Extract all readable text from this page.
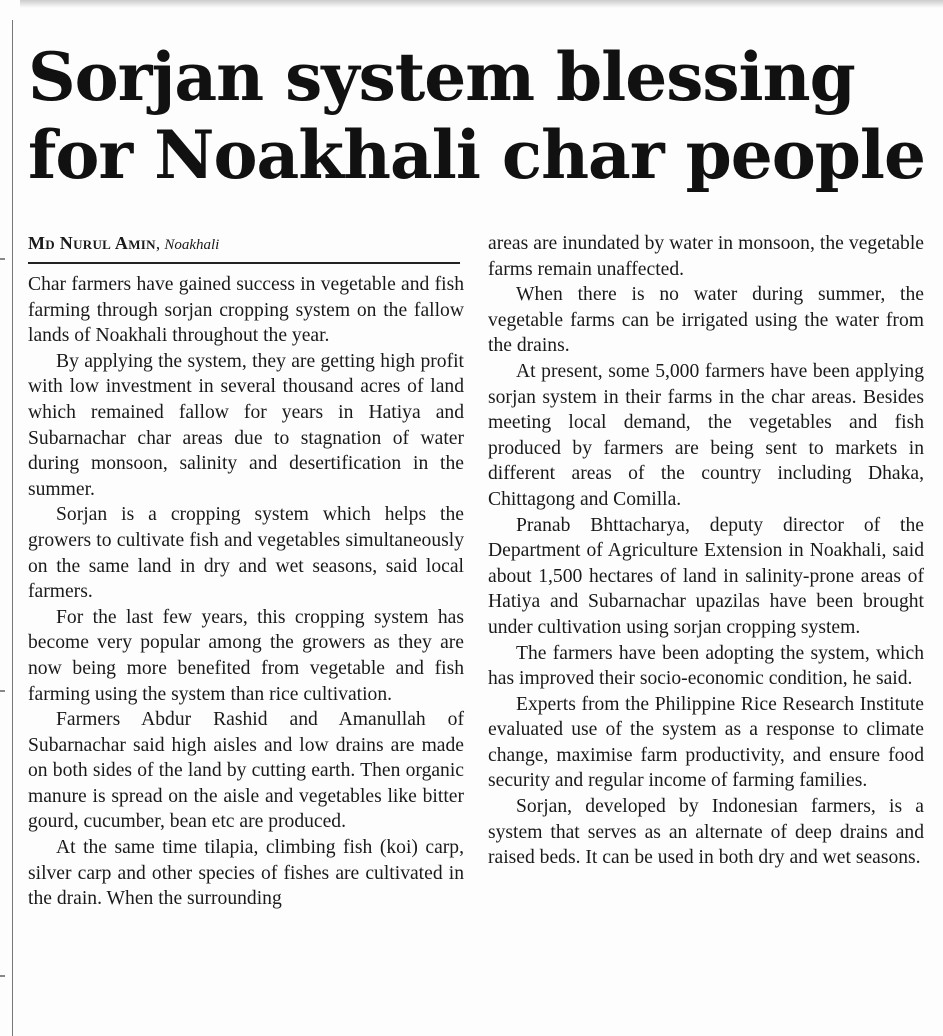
Sorjan system blessing for Noakhali char people
Md Nurul Amin, Noakhali

Char farmers have gained success in vegetable and fish farming through sorjan cropping system on the fallow lands of Noakhali throughout the year.

By applying the system, they are getting high profit with low investment in several thousand acres of land which remained fallow for years in Hatiya and Subarnachar char areas due to stagnation of water during monsoon, salinity and desertification in the summer.

Sorjan is a cropping system which helps the growers to cultivate fish and vegetables simultaneously on the same land in dry and wet seasons, said local farmers.

For the last few years, this cropping system has become very popular among the growers as they are now being more benefited from vegetable and fish farming using the system than rice cultivation.

Farmers Abdur Rashid and Amanullah of Subarnachar said high aisles and low drains are made on both sides of the land by cutting earth. Then organic manure is spread on the aisle and vegetables like bitter gourd, cucumber, bean etc are produced.

At the same time tilapia, climbing fish (koi) carp, silver carp and other species of fishes are cultivated in the drain. When the surrounding

areas are inundated by water in monsoon, the vegetable farms remain unaffected.

When there is no water during summer, the vegetable farms can be irrigated using the water from the drains.

At present, some 5,000 farmers have been applying sorjan system in their farms in the char areas. Besides meeting local demand, the vegetables and fish produced by farmers are being sent to markets in different areas of the country including Dhaka, Chittagong and Comilla.

Pranab Bhttacharya, deputy director of the Department of Agriculture Extension in Noakhali, said about 1,500 hectares of land in salinity-prone areas of Hatiya and Subarnachar upazilas have been brought under cultivation using sorjan cropping system.

The farmers have been adopting the system, which has improved their socio-economic condition, he said.

Experts from the Philippine Rice Research Institute evaluated use of the system as a response to climate change, maximise farm productivity, and ensure food security and regular income of farming families.

Sorjan, developed by Indonesian farmers, is a system that serves as an alternate of deep drains and raised beds. It can be used in both dry and wet seasons.
